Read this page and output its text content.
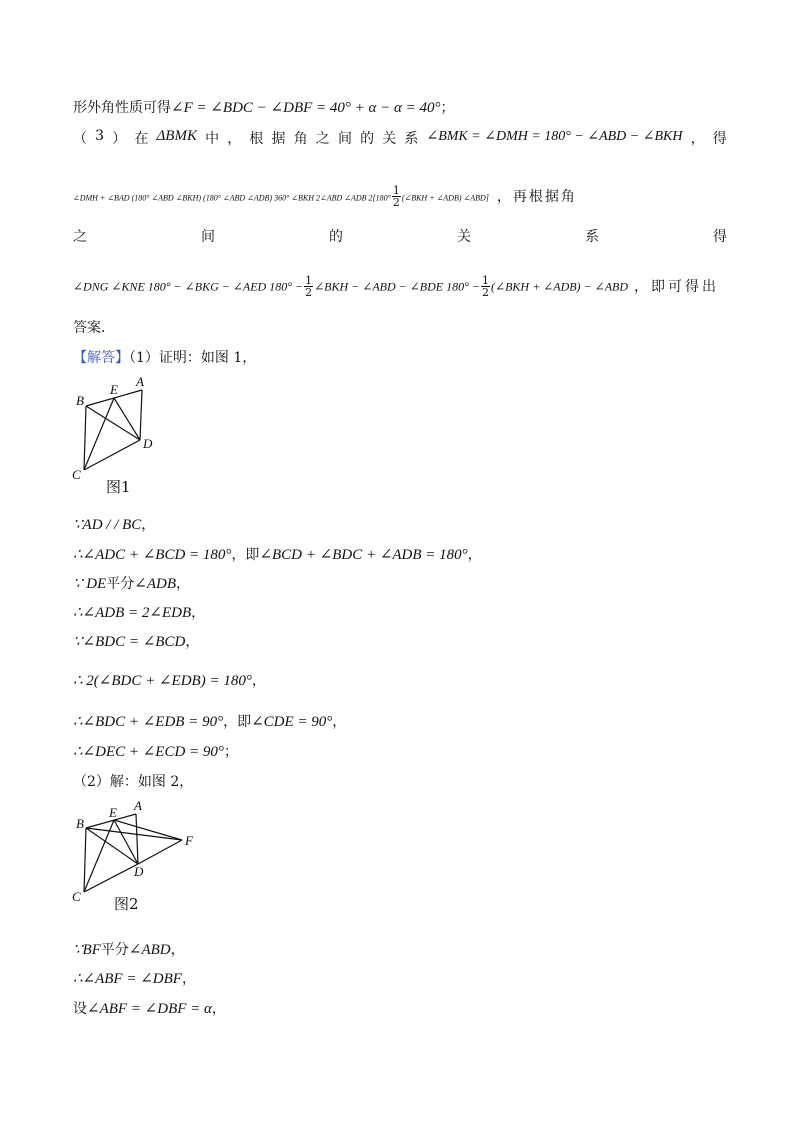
形外角性质可得∠F = ∠BDC − ∠DBF = 40° + α − α = 40°；
（ 3 ） 在 ΔBMK 中 ， 根 据 角 之 间 的 关 系 ∠BMK = ∠DMH = 180° − ∠ABD − ∠BKH ， 得
∠DMH + ∠BAD (180° ∠ABD ∠BKH) (180° ∠ABD ∠ADB) 360° ∠BKH 2∠ABD ∠ADB $2[180^\circ \frac{1}{2}$ (∠BKH + ∠ADB) ∠ABD] ，再根据角
之	间	的	关	系	得
∠DNG ∠KNE 180° − ∠BKG − ∠AED $180^\circ - \frac{1}{2}$ ∠BKH − ∠ABD − ∠BDE $180^\circ - \frac{1}{2}$ (∠BKH + ∠ADB) − ∠ABD ，即可得出
答案．
【解答】（1）证明：如图 1，
B
E
A
D
C
图1
∵AD / / BC，
∴∠ADC + ∠BCD = 180°，即∠BCD + ∠BDC + ∠ADB = 180°，
∵ DE平分∠ADB，
∴∠ADB = 2∠EDB，
∵∠BDC = ∠BCD，
∴ 2(∠BDC + ∠EDB) = 180°，
∴∠BDC + ∠EDB = 90°，即∠CDE = 90°，
∴∠DEC + ∠ECD = 90°；
（2）解：如图 2，
B
E A
D
C
F
图2
∵BF平分∠ABD，
∴∠ABF = ∠DBF，
设∠ABF = ∠DBF = α，
